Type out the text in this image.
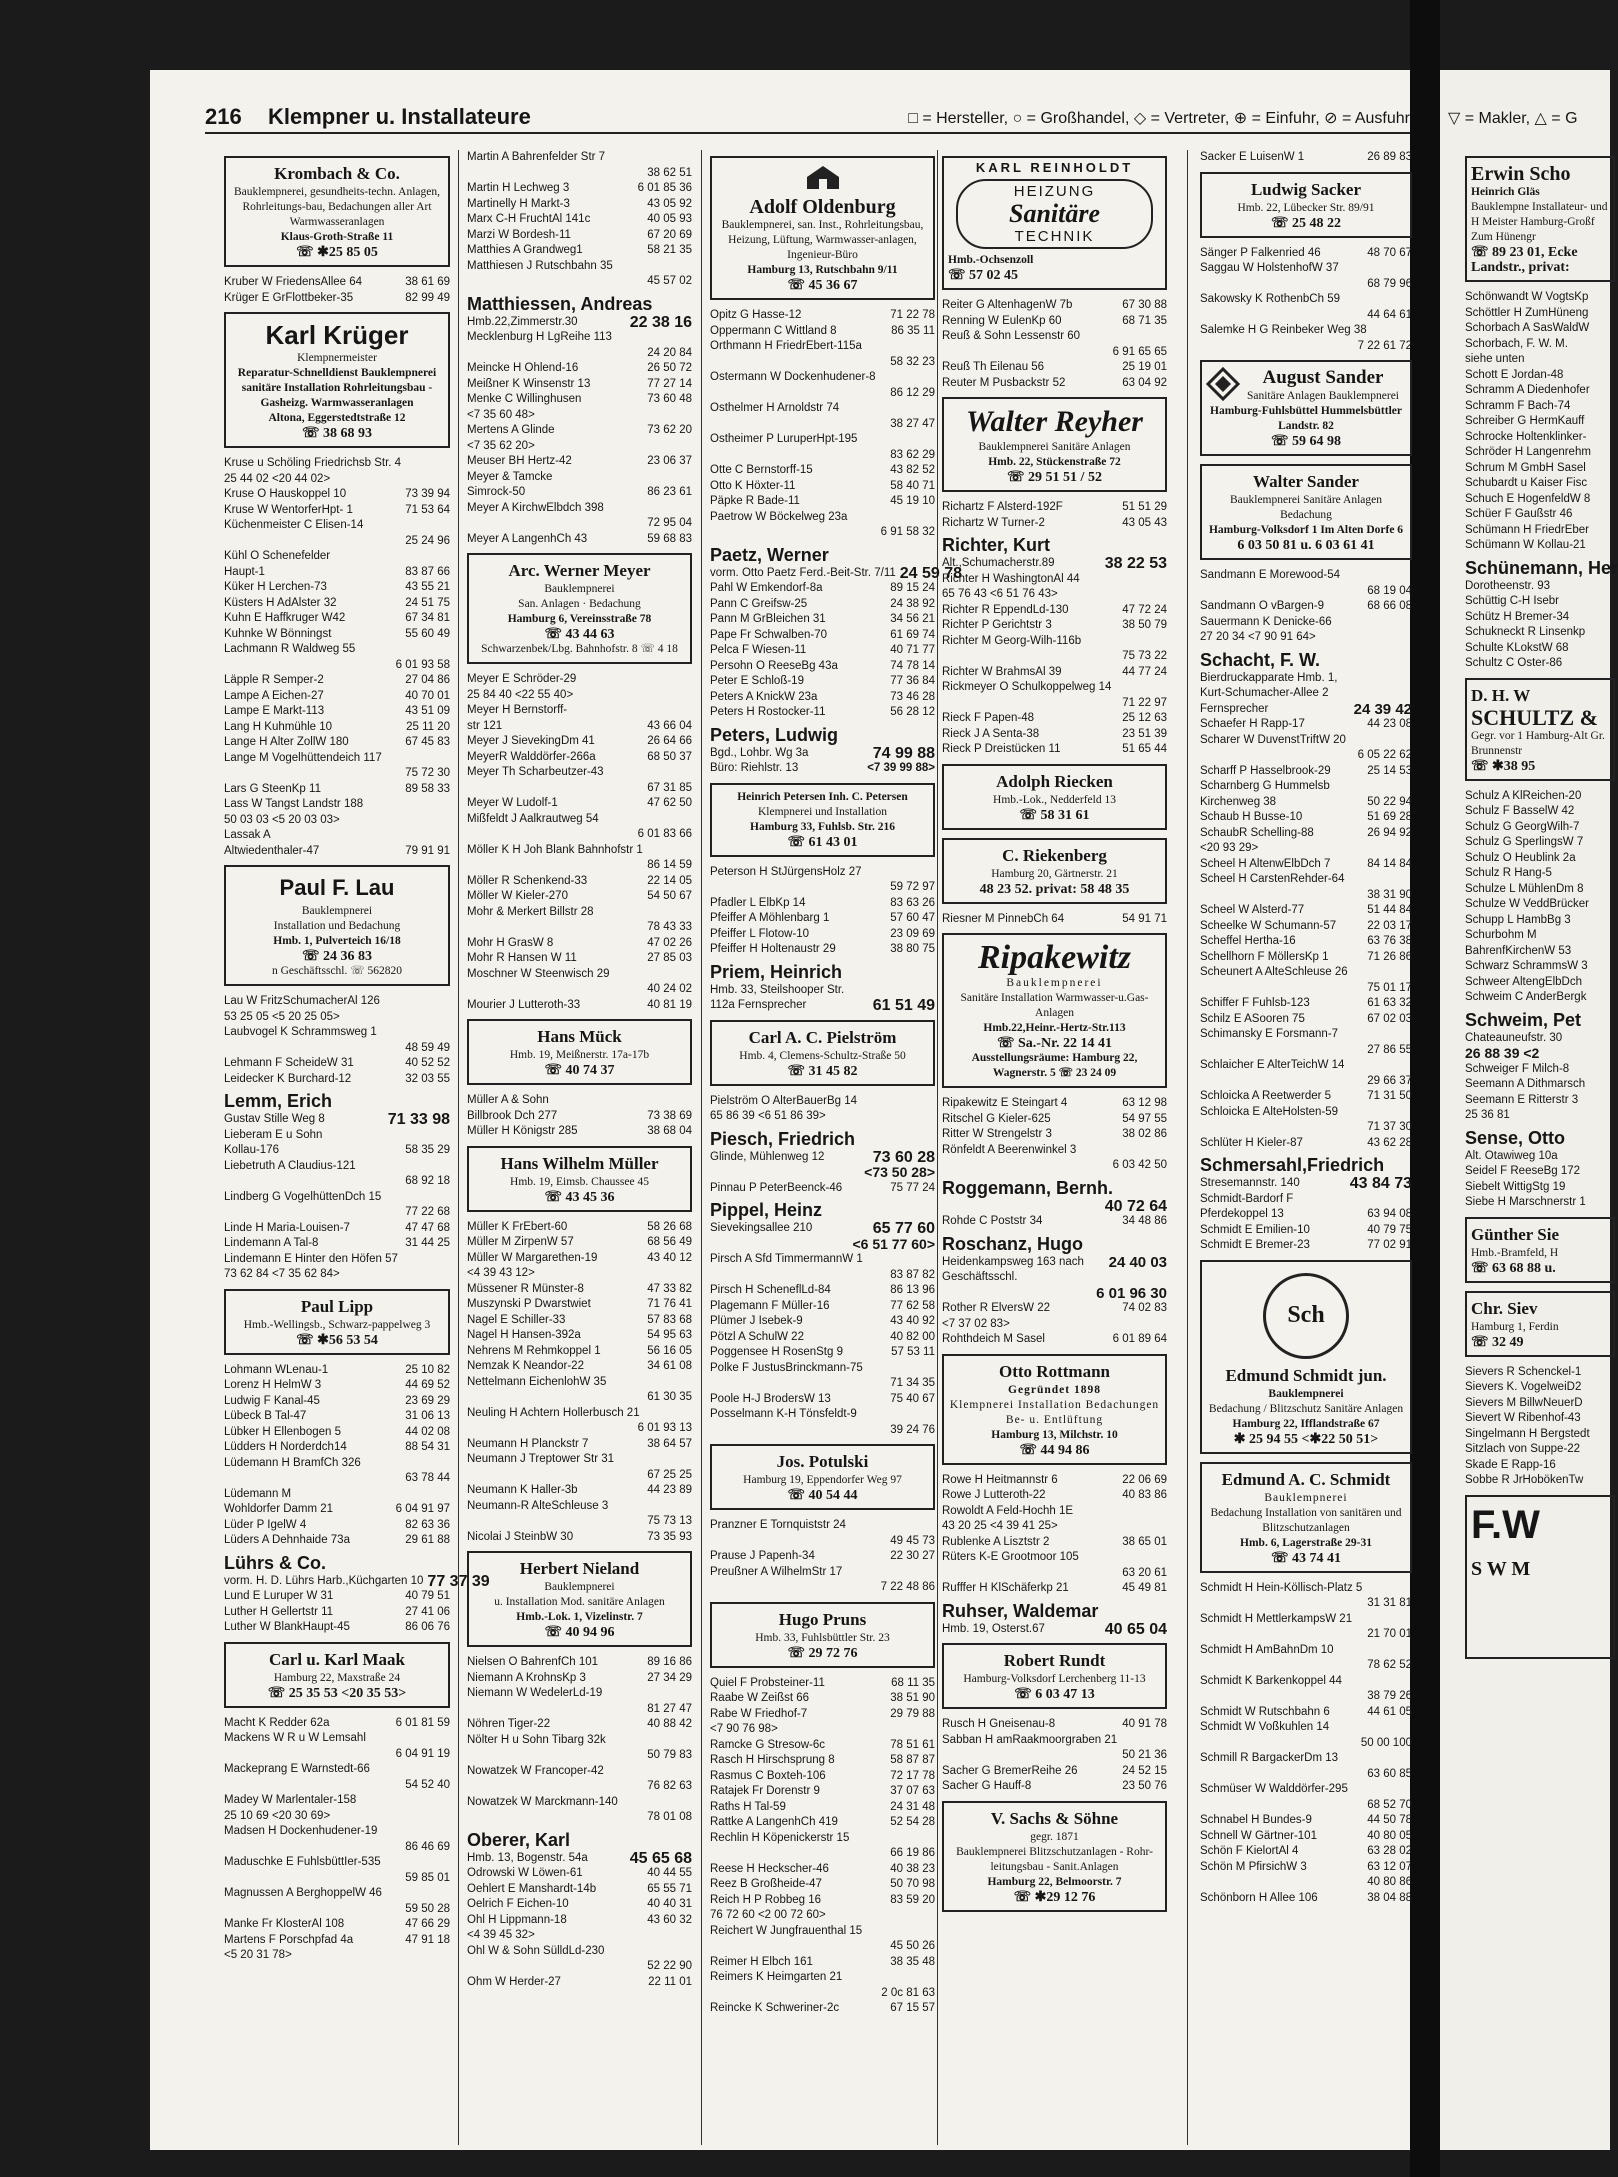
216 Klempner u. Installateure	□ = Hersteller, ○ = Großhandel, ◇ = Vertreter, ⊕ = Einfuhr, ⊘ = Ausfuhr ▽ = Makler, △ = G
Krombach & Co.
Bauklempnerei, gesundheits-techn. Anlagen, Rohrleitungs-bau, Bedachungen aller Art Warmwasseranlagen
Klaus-Groth-Straße 11
☏ ✱25 85 05
Kruber W FriedensAllee 64	38 61 69
Krüger E GrFlottbeker-35	82 99 49
Karl Krüger
Klempnermeister
Reparatur-Schnelldienst Bauklempnerei sanitäre Installation Rohrleitungsbau - Gasheizg. Warmwasseranlagen
Altona, Eggerstedtstraße 12
☏ 38 68 93
Kruse u Schöling Friedrichsb Str. 4
25 44 02 <20 44 02>
Kruse O Hauskoppel 10	73 39 94
Kruse W WentorferHpt- 1	71 53 64
Küchenmeister C Elisen-14
25 24 96
Kühl O Schenefelder
Haupt-1	83 87 66
Küker H Lerchen-73	43 55 21
Küsters H AdAlster 32	24 51 75
Kuhn E Haffkruger W42	67 34 81
Kuhnke W Bönningst	55 60 49
Lachmann R Waldweg 55
6 01 93 58
Läpple R Semper-2	27 04 86
Lampe A Eichen-27	40 70 01
Lampe E Markt-113	43 51 09
Lang H Kuhmühle 10	25 11 20
Lange H Alter ZollW 180	67 45 83
Lange M Vogelhüttendeich 117
75 72 30
Lars G SteenKp 11	89 58 33
Lass W Tangst Landstr 188
50 03 03 <5 20 03 03>
Lassak A
Altwiedenthaler-47	79 91 91
Paul F. Lau
Bauklempnerei
Installation und Bedachung
Hmb. 1, Pulverteich 16/18
☏ 24 36 83
n Geschäftsschl. ☏ 562820
Lau W FritzSchumacherAl 126
53 25 05 <5 20 25 05>
Laubvogel K Schrammsweg 1
48 59 49
Lehmann F ScheideW 31	40 52 52
Leidecker K Burchard-12	32 03 55
Lemm, Erich
Gustav Stille Weg 8	71 33 98
Lieberam E u Sohn
Kollau-176	58 35 29
Liebetruth A Claudius-121
68 92 18
Lindberg G VogelhüttenDch 15
77 22 68
Linde H Maria-Louisen-7	47 47 68
Lindemann A Tal-8	31 44 25
Lindemann E Hinter den Höfen 57
73 62 84 <7 35 62 84>
Paul Lipp
Hmb.-Wellingsb., Schwarz-pappelweg 3
☏ ✱56 53 54
Lohmann WLenau-1	25 10 82
Lorenz H HelmW 3	44 69 52
Ludwig F Kanal-45	23 69 29
Lübeck B Tal-47	31 06 13
Lübker H Ellenbogen 5	44 02 08
Lüdders H Norderdch14	88 54 31
Lüdemann H BramfCh 326
63 78 44
Lüdemann M
Wohldorfer Damm 21	6 04 91 97
Lüder P IgelW 4	82 63 36
Lüders A Dehnhaide 73a	29 61 88
Lührs & Co.
vorm. H. D. Lührs Harb.,Küchgarten 10 77 37 39
Lund E Luruper W 31	40 79 51
Luther H Gellertstr 11	27 41 06
Luther W BlankHaupt-45	86 06 76
Carl u. Karl Maak
Hamburg 22, Maxstraße 24
☏ 25 35 53 <20 35 53>
Macht K Redder 62a	6 01 81 59
Mackens W R u W Lemsahl
6 04 91 19
Mackeprang E Warnstedt-66
54 52 40
Madey W Marlentaler-158
25 10 69 <20 30 69>
Madsen H Dockenhudener-19
86 46 69
Maduschke E FuhlsbüttIer-535
59 85 01
Magnussen A BerghoppelW 46
59 50 28
Manke Fr KlosterAl 108	47 66 29
Martens F Porschpfad 4a	47 91 18
<5 20 31 78>
Martin A Bahrenfelder Str 7
38 62 51
Martin H Lechweg 3	6 01 85 36
Martinelly H Markt-3	43 05 92
Marx C-H FruchtAl 141c	40 05 93
Marzi W Bordesh-11	67 20 69
Matthies A Grandweg1	58 21 35
Matthiesen J Rutschbahn 35
45 57 02
Matthiessen, Andreas
Hmb.22,Zimmerstr.30	22 38 16
Mecklenburg H LgReihe 113
24 20 84
Meincke H Ohlend-16	26 50 72
Meißner K Winsenstr 13	77 27 14
Menke C Willinghusen	73 60 48
<7 35 60 48>
Mertens A Glinde	73 62 20
<7 35 62 20>
Meuser BH Hertz-42	23 06 37
Meyer & Tamcke
Simrock-50	86 23 61
Meyer A KirchwElbdch 398
72 95 04
Meyer A LangenhCh 43	59 68 83
Arc. Werner Meyer
Bauklempnerei
San. Anlagen · Bedachung
Hamburg 6, Vereinsstraße 78
☏ 43 44 63
Schwarzenbek/Lbg. Bahnhofstr. 8 ☏ 4 18
Meyer E Schröder-29
25 84 40 <22 55 40>
Meyer H Bernstorff-
str 121	43 66 04
Meyer J SievekingDm 41	26 64 66
MeyerR Walddörfer-266a	68 50 37
Meyer Th Scharbeutzer-43
67 31 85
Meyer W Ludolf-1	47 62 50
Mißfeldt J Aalkrautweg 54
6 01 83 66
Möller K H Joh Blank Bahnhofstr 1
86 14 59
Möller R Schenkend-33	22 14 05
Möller W Kieler-270	54 50 67
Mohr & Merkert Billstr 28
78 43 33
Mohr H GrasW 8	47 02 26
Mohr R Hansen W 11	27 85 03
Moschner W Steenwisch 29
40 24 02
Mourier J Lutteroth-33	40 81 19
Hans Mück
Hmb. 19, Meißnerstr. 17a-17b
☏ 40 74 37
Müller A & Sohn
Billbrook Dch 277	73 38 69
Müller H Königstr 285	38 68 04
Hans Wilhelm Müller
Hmb. 19, Eimsb. Chaussee 45
☏ 43 45 36
Müller K FrEbert-60	58 26 68
Müller M ZirpenW 57	68 56 49
Müller W Margarethen-19	43 40 12
<4 39 43 12>
Müssener R Münster-8	47 33 82
Muszynski P Dwarstwiet	71 76 41
Nagel E Schiller-33	57 83 68
Nagel H Hansen-392a	54 95 63
Nehrens M Rehmkoppel 1	56 16 05
Nemzak K Neandor-22	34 61 08
Nettelmann EichenlohW 35
61 30 35
Neuling H Achtern Hollerbusch 21
6 01 93 13
Neumann H Planckstr 7	38 64 57
Neumann J Treptower Str 31
67 25 25
Neumann K Haller-3b	44 23 89
Neumann-R AlteSchleuse 3
75 73 13
Nicolai J SteinbW 30	73 35 93
Herbert Nieland
Bauklempnerei
u. Installation Mod. sanitäre Anlagen
Hmb.-Lok. 1, Vizelinstr. 7
☏ 40 94 96
Nielsen O BahrenfCh 101	89 16 86
Niemann A KrohnsKp 3	27 34 29
Niemann W WedelerLd-19
81 27 47
Nöhren Tiger-22	40 88 42
Nölter H u Sohn Tibarg 32k
50 79 83
Nowatzek W Francoper-42
76 82 63
Nowatzek W Marckmann-140
78 01 08
Oberer, Karl
Hmb. 13, Bogenstr. 54a	45 65 68
Odrowski W Löwen-61	40 44 55
Oehlert E Manshardt-14b	65 55 71
Oelrich F Eichen-10	40 40 31
Ohl H Lippmann-18	43 60 32
<4 39 45 32>
Ohl W & Sohn SülldLd-230
52 22 90
Ohm W Herder-27	22 11 01
Adolf Oldenburg
Bauklempnerei, san. Inst., Rohrleitungsbau, Heizung, Lüftung, Warmwasser-anlagen, Ingenieur-Büro
Hamburg 13, Rutschbahn 9/11
☏ 45 36 67
Opitz G Hasse-12	71 22 78
Oppermann C Wittland 8	86 35 11
Orthmann H FriedrEbert-115a
58 32 23
Ostermann W Dockenhudener-8
86 12 29
Osthelmer H Arnoldstr 74
38 27 47
Ostheimer P LuruperHpt-195
83 62 29
Otte C Bernstorff-15	43 82 52
Otto K Höxter-11	58 40 71
Päpke R Bade-11	45 19 10
Paetrow W Böckelweg 23a
6 91 58 32
Paetz, Werner
vorm. Otto Paetz Ferd.-Beit-Str. 7/11 24 59 78
Pahl W Emkendorf-8a	89 15 24
Pann C Greifsw-25	24 38 92
Pann M GrBleichen 31	34 56 21
Pape Fr Schwalben-70	61 69 74
Pelca F Wiesen-11	40 71 77
Persohn O ReeseBg 43a	74 78 14
Peter E Schloß-19	77 36 84
Peters A KnickW 23a	73 46 28
Peters H Rostocker-11	56 28 12
Peters, Ludwig
Bgd., Lohbr. Wg 3a	74 99 88
Büro: Riehlstr. 13	<7 39 99 88>
Heinrich Petersen Inh. C. Petersen
Klempnerei und Installation
Hamburg 33, Fuhlsb. Str. 216
☏ 61 43 01
Peterson H StJürgensHolz 27
59 72 97
Pfadler L ElbKp 14	83 63 26
Pfeiffer A Möhlenbarg 1	57 60 47
Pfeiffer L Flotow-10	23 09 69
Pfeiffer H Holtenaustr 29	38 80 75
Priem, Heinrich
Hmb. 33, Steilshooper Str. 112a Fernsprecher	61 51 49
Carl A. C. Pielström
Hmb. 4, Clemens-Schultz-Straße 50
☏ 31 45 82
Pielström O AlterBauerBg 14
65 86 39 <6 51 86 39>
Piesch, Friedrich
Glinde, Mühlenweg 12	73 60 28
<73 50 28>
Pinnau P PeterBeenck-46	75 77 24
Pippel, Heinz
Sievekingsallee 210	65 77 60
<6 51 77 60>
Pirsch A Sfd TimmermannW 1
83 87 82
Pirsch H ScheneflLd-84	86 13 96
Plagemann F Müller-16	77 62 58
Plümer J Isebek-9	43 40 92
Pötzl A SchulW 22	40 82 00
Poggensee H RosenStg 9	57 53 11
Polke F JustusBrinckmann-75
71 34 35
Poole H-J BrodersW 13	75 40 67
Posselmann K-H Tönsfeldt-9
39 24 76
Jos. Potulski
Hamburg 19, Eppendorfer Weg 97
☏ 40 54 44
Pranzner E Tornquiststr 24
49 45 73
Prause J Papenh-34	22 30 27
Preußner A WilhelmStr 17
7 22 48 86
Hugo Pruns
Hmb. 33, Fuhlsbüttler Str. 23
☏ 29 72 76
Quiel F Probsteiner-11	68 11 35
Raabe W Zeißst 66	38 51 90
Rabe W Friedhof-7	29 79 88
<7 90 76 98>
Ramcke G Stresow-6c	78 51 61
Rasch H Hirschsprung 8	58 87 87
Rasmus C Boxteh-106	72 17 78
Ratajek Fr Dorenstr 9	37 07 63
Raths H Tal-59	24 31 48
Rattke A LangenhCh 419	52 54 28
Rechlin H Köpenickerstr 15
66 19 86
Reese H Heckscher-46	40 38 23
Reez B Großheide-47	50 70 98
Reich H P Robbeg 16	83 59 20
76 72 60 <2 00 72 60>
Reichert W Jungfrauenthal 15
45 50 26
Reimer H Elbch 161	38 35 48
Reimers K Heimgarten 21
2 0c 81 63
Reincke K Schweriner-2c	67 15 57
KARL REINHOLDT
HEIZUNG
Sanitäre
TECHNIK
Hmb.-Ochsenzoll
☏ 57 02 45
Reiter G AltenhagenW 7b	67 30 88
Renning W EulenKp 60	68 71 35
Reuß & Sohn Lessenstr 60
6 91 65 65
Reuß Th Eilenau 56	25 19 01
Reuter M Pusbackstr 52	63 04 92
Walter Reyher
Bauklempnerei Sanitäre Anlagen
Hmb. 22, Stückenstraße 72
☏ 29 51 51 / 52
Richartz F Alsterd-192F	51 51 29
Richartz W Turner-2	43 05 43
Richter, Kurt
Alt.,Schumacherstr.89	38 22 53
Richter H WashingtonAl 44
65 76 43 <6 51 76 43>
Richter R EppendLd-130	47 72 24
Richter P Gerichtstr 3	38 50 79
Richter M Georg-Wilh-116b
75 73 22
Richter W BrahmsAl 39	44 77 24
Rickmeyer O Schulkoppelweg 14
71 22 97
Rieck F Papen-48	25 12 63
Rieck J A Senta-38	23 51 39
Rieck P Dreistücken 11	51 65 44
Adolph Riecken
Hmb.-Lok., Nedderfeld 13
☏ 58 31 61
C. Riekenberg
Hamburg 20, Gärtnerstr. 21
48 23 52. privat: 58 48 35
Riesner M PinnebCh 64	54 91 71
Ripakewitz
Bauklempnerei
Sanitäre Installation Warmwasser-u.Gas-Anlagen
Hmb.22,Heinr.-Hertz-Str.113
☏ Sa.-Nr. 22 14 41
Ausstellungsräume: Hamburg 22, Wagnerstr. 5 ☏ 23 24 09
Ripakewitz E Steingart 4	63 12 98
Ritschel G Kieler-625	54 97 55
Ritter W Strengelstr 3	38 02 86
Rönfeldt A Beerenwinkel 3
6 03 42 50
Roggemann, Bernh.
40 72 64
Rohde C Poststr 34	34 48 86
Roschanz, Hugo
Heidenkampsweg 163 nach Geschäftsschl.
24 40 03
6 01 96 30
Rother R ElversW 22	74 02 83
<7 37 02 83>
Rohthdeich M Sasel	6 01 89 64
Otto Rottmann
Gegründet 1898
Klempnerei Installation Bedachungen Be- u. Entlüftung
Hamburg 13, Milchstr. 10
☏ 44 94 86
Rowe H Heitmannstr 6	22 06 69
Rowe J Lutteroth-22	40 83 86
Rowoldt A Feld-Hochh 1E
43 20 25 <4 39 41 25>
Rublenke A Lisztstr 2	38 65 01
Rüters K-E Grootmoor 105
63 20 61
Rufffer H KlSchäferkp 21	45 49 81
Ruhser, Waldemar
Hmb. 19, Osterst.67	40 65 04
Robert Rundt
Hamburg-Volksdorf Lerchenberg 11-13
☏ 6 03 47 13
Rusch H Gneisenau-8	40 91 78
Sabban H amRaakmoorgraben 21
50 21 36
Sacher G BremerReihe 26	24 52 15
Sacher G Hauff-8	23 50 76
V. Sachs & Söhne
gegr. 1871
Bauklempnerei Blitzschutzanlagen - Rohr-leitungsbau - Sanit.Anlagen
Hamburg 22, Belmoorstr. 7
☏ ✱29 12 76
Sacker E LuisenW 1	26 89 83
Ludwig Sacker
Hmb. 22, Lübecker Str. 89/91
☏ 25 48 22
Sänger P Falkenried 46	48 70 67
Saggau W HolstenhofW 37
68 79 96
Sakowsky K RothenbCh 59
44 64 61
Salemke H G Reinbeker Weg 38
7 22 61 72
August Sander
Sanitäre Anlagen Bauklempnerei
Hamburg-Fuhlsbüttel Hummelsbüttler Landstr. 82
☏ 59 64 98
Walter Sander
Bauklempnerei Sanitäre Anlagen Bedachung
Hamburg-Volksdorf 1 Im Alten Dorfe 6
6 03 50 81 u. 6 03 61 41
Sandmann E Morewood-54
68 19 04
Sandmann O vBargen-9	68 66 08
Sauermann K Denicke-66
27 20 34 <7 90 91 64>
Schacht, F. W.
Bierdruckapparate Hmb. 1, Kurt-Schumacher-Allee 2 Fernsprecher	24 39 42
Schaefer H Rapp-17	44 23 08
Scharer W DuvenstTriftW 20
6 05 22 62
Scharff P Hasselbrook-29	25 14 53
Scharnberg G Hummelsb
Kirchenweg 38	50 22 94
Schaub H Busse-10	51 69 28
SchaubR Schelling-88	26 94 92
<20 93 29>
Scheel H AltenwElbDch 7	84 14 84
Scheel H CarstenRehder-64
38 31 90
Scheel W Alsterd-77	51 44 84
Scheelke W Schumann-57	22 03 17
Scheffel Hertha-16	63 76 38
Schellhorn F MöllersKp 1	71 26 86
Scheunert A AlteSchleuse 26
75 01 17
Schiffer F Fuhlsb-123	61 63 32
Schilz E ASooren 75	67 02 03
Schimansky E Forsmann-7
27 86 55
Schlaicher E AlterTeichW 14
29 66 37
Schloicka A Reetwerder 5	71 31 50
Schloicka E AlteHolsten-59
71 37 30
Schlüter H Kieler-87	43 62 28
Schmersahl,Friedrich
Stresemannstr. 140	43 84 73
Schmidt-Bardorf F
Pferdekoppel 13	63 94 08
Schmidt E Emilien-10	40 79 75
Schmidt E Bremer-23	77 02 91
Sch
Edmund Schmidt jun.
Bauklempnerei
Bedachung / Blitzschutz Sanitäre Anlagen
Hamburg 22, Ifflandstraße 67
✱ 25 94 55 <✱22 50 51>
Edmund A. C. Schmidt
Bauklempnerei
Bedachung Installation von sanitären und Blitzschutzanlagen
Hmb. 6, Lagerstraße 29-31
☏ 43 74 41
Schmidt H Hein-Köllisch-Platz 5
31 31 81
Schmidt H MettlerkampsW 21
21 70 01
Schmidt H AmBahnDm 10
78 62 52
Schmidt K Barkenkoppel 44
38 79 26
Schmidt W Rutschbahn 6	44 61 05
Schmidt W Voßkuhlen 14
50 00 100
Schmill R BargackerDm 13
63 60 85
Schmüser W Walddörfer-295
68 52 70
Schnabel H Bundes-9	44 50 78
Schnell W Gärtner-101	40 80 05
Schön F KielortAl 4	63 28 02
Schön M PfirsichW 3	63 12 07
40 80 86
Schönborn H Allee 106	38 04 88
Erwin Scho
Heinrich Gläs
Bauklempne Installateur- und H Meister Hamburg-Großf Zum Hünengr
☏ 89 23 01, Ecke Landstr., privat:
Schönwandt W VogtsKp
Schöttler H ZumHüneng
Schorbach A SasWaldW
Schorbach, F. W. M.
siehe unten
Schott E Jordan-48
Schramm A Diedenhofer
Schramm F Bach-74
Schreiber G HermKauff
Schrocke Holtenklinker-
Schröder H Langenrehm
Schrum M GmbH Sasel
Schubardt u Kaiser Fisc
Schuch E HogenfeldW 8
Schüer F Gaußstr 46
Schümann H FriedrEber
Schümann W Kollau-21
Schünemann, Her
Dorotheenstr. 93
Schüttig C-H Isebr
Schütz H Bremer-34
Schukneckt R Linsenkp
Schulte KLokstW 68
Schultz C Oster-86
D. H. W
SCHULTZ &
Gegr. vor 1 Hamburg-Alt Gr. Brunnenstr
☏ ✱38 95
Schulz A KlReichen-20
Schulz F BasselW 42
Schulz G GeorgWilh-7
Schulz G SperlingsW 7
Schulz O Heublink 2a
Schulz R Hang-5
Schulze L MühlenDm 8
Schulze W VeddBrücker
Schupp L HambBg 3
Schurbohm M
BahrenfKirchenW 53
Schwarz SchrammsW 3
Schweer AltengElbDch
Schweim C AnderBergk
Schweim, Pet
Chateauneufstr. 30
26 88 39 <2
Schweiger F Milch-8
Seemann A Dithmarsch
Seemann E Ritterstr 3
25 36 81
Sense, Otto
Alt. Otawiweg 10a
Seidel F ReeseBg 172
Siebelt WittigStg 19
Siebe H Marschnerstr 1
Günther Sie
Hmb.-Bramfeld, H
☏ 63 68 88 u.
Chr. Siev
Hamburg 1, Ferdin
☏ 32 49
Sievers R Schenckel-1
Sievers K. VogelweiD2
Sievers M BillwNeuerD
Sievert W Ribenhof-43
Singelmann H Bergstedt
Sitzlach von Suppe-22
Skade E Rapp-16
Sobbe R JrHobökenTw
F.W
S W M
